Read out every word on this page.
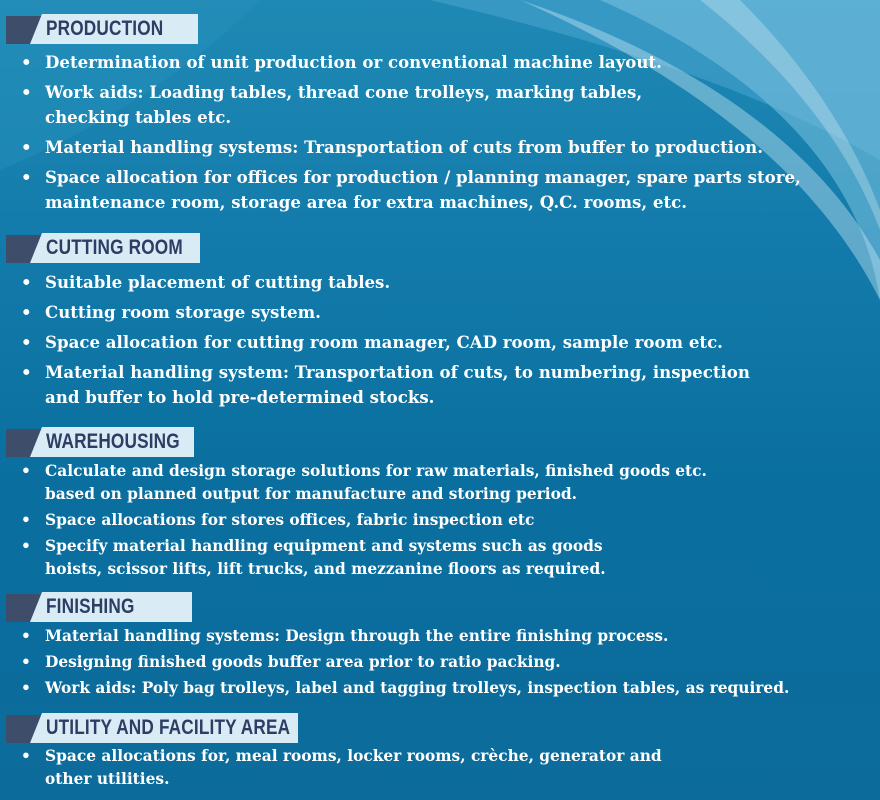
PRODUCTION
• Determination of unit production or conventional machine layout.
• Work aids: Loading tables, thread cone trolleys, marking tables,
checking tables etc.
• Material handling systems: Transportation of cuts from buffer to production.
• Space allocation for offices for production / planning manager, spare parts store,
maintenance room, storage area for extra machines, Q.C. rooms, etc.
CUTTING ROOM
• Suitable placement of cutting tables.
• Cutting room storage system.
• Space allocation for cutting room manager, CAD room, sample room etc.
• Material handling system: Transportation of cuts, to numbering, inspection
and buffer to hold pre-determined stocks.
WAREHOUSING
• Calculate and design storage solutions for raw materials, finished goods etc.
based on planned output for manufacture and storing period.
• Space allocations for stores offices, fabric inspection etc
• Specify material handling equipment and systems such as goods
hoists, scissor lifts, lift trucks, and mezzanine floors as required.
FINISHING
• Material handling systems: Design through the entire finishing process.
• Designing finished goods buffer area prior to ratio packing.
• Work aids: Poly bag trolleys, label and tagging trolleys, inspection tables, as required.
UTILITY AND FACILITY AREA
• Space allocations for, meal rooms, locker rooms, crèche, generator and
other utilities.
